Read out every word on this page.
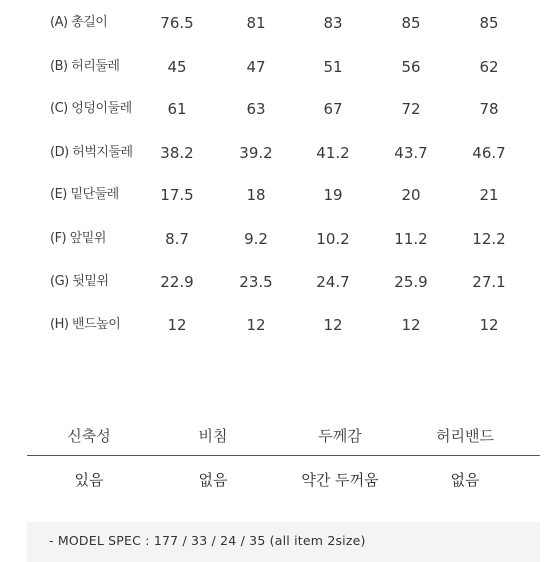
(A) 총길이	76.5	81	83	85	85
(B) 허리둘레	45	47	51	56	62
(C) 엉덩이둘레	61	63	67	72	78
(D) 허벅지둘레	38.2	39.2	41.2	43.7	46.7
(E) 밑단둘레	17.5	18	19	20	21
(F) 앞밑위	8.7	9.2	10.2	11.2	12.2
(G) 뒷밑위	22.9	23.5	24.7	25.9	27.1
(H) 밴드높이	12	12	12	12	12
신축성	비침	두께감	허리밴드
있음	없음	약간 두꺼움	없음
- MODEL SPEC : 177 / 33 / 24 / 35 (all item 2size)
